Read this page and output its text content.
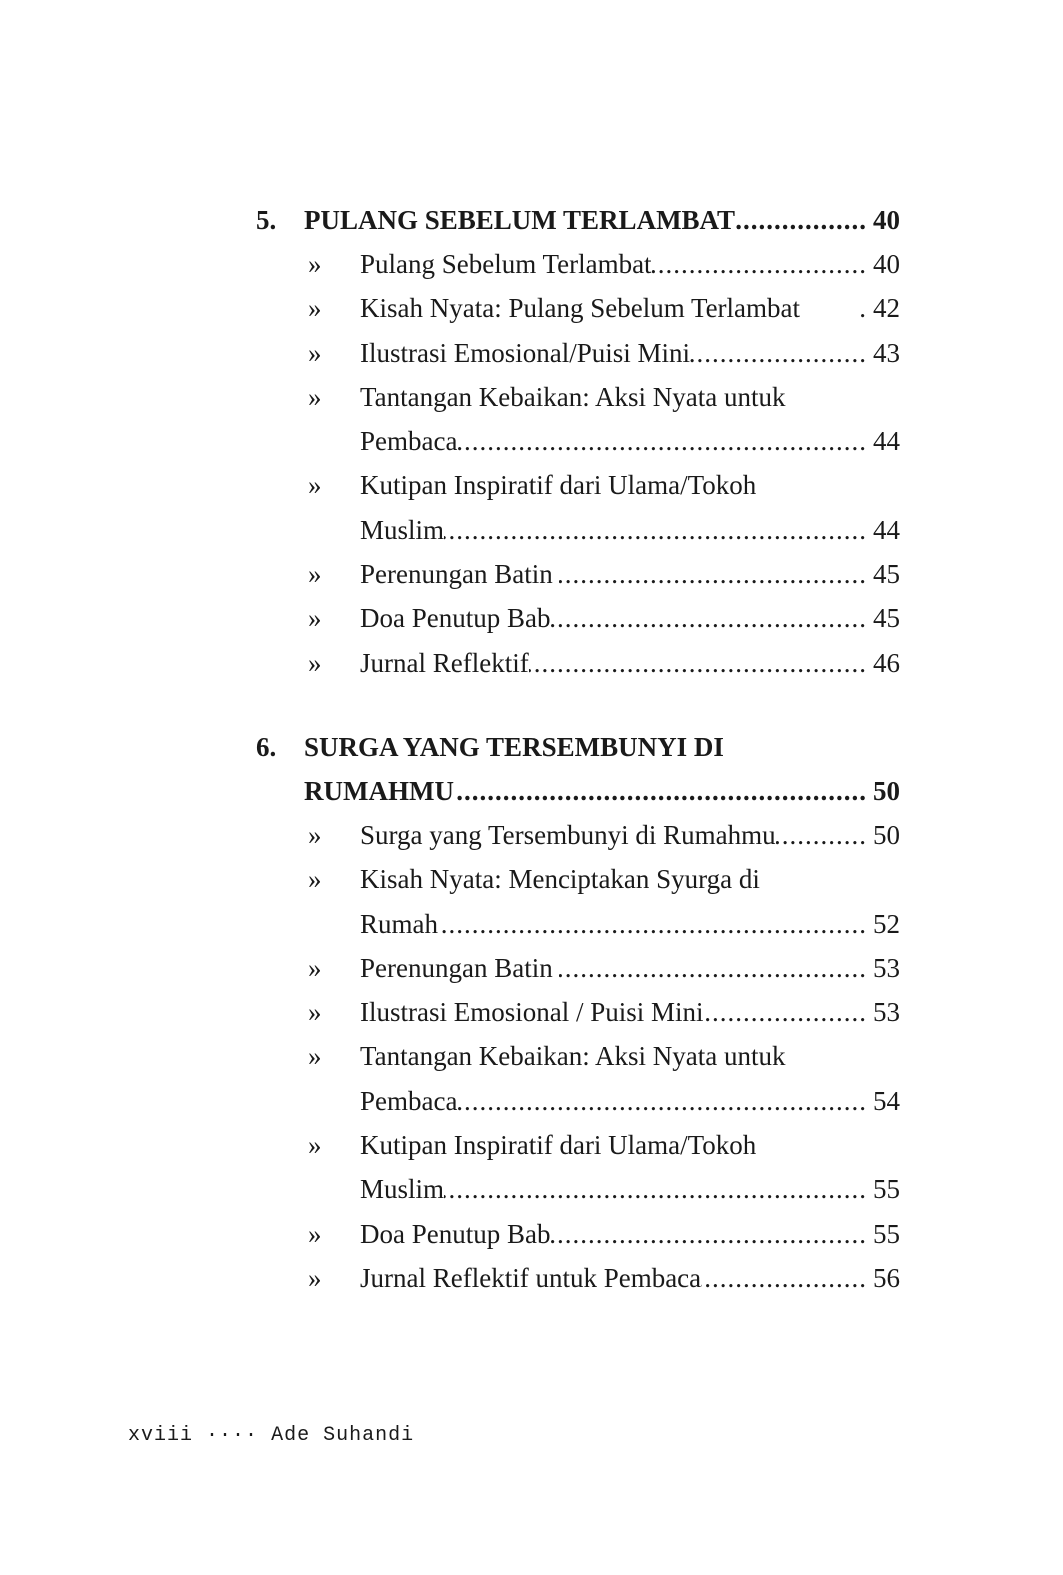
5. PULANG SEBELUM TERLAMBAT .....	40
» Pulang Sebelum Terlambat .....	40
» Kisah Nyata: Pulang Sebelum Terlambat .	42
» Ilustrasi Emosional/Puisi Mini .....	43
» Tantangan Kebaikan: Aksi Nyata untuk
Pembaca .....	44
» Kutipan Inspiratif dari Ulama/Tokoh
Muslim .....	44
» Perenungan Batin .....	45
» Doa Penutup Bab .....	45
» Jurnal Reflektif .....	46
6. SURGA YANG TERSEMBUNYI DI
RUMAHMU .....	50
» Surga yang Tersembunyi di Rumahmu .....	50
» Kisah Nyata: Menciptakan Syurga di
Rumah .....	52
» Perenungan Batin .....	53
» Ilustrasi Emosional / Puisi Mini .....	53
» Tantangan Kebaikan: Aksi Nyata untuk
Pembaca .....	54
» Kutipan Inspiratif dari Ulama/Tokoh
Muslim .....	55
» Doa Penutup Bab .....	55
» Jurnal Reflektif untuk Pembaca .....	56
xviii ···· Ade Suhandi
